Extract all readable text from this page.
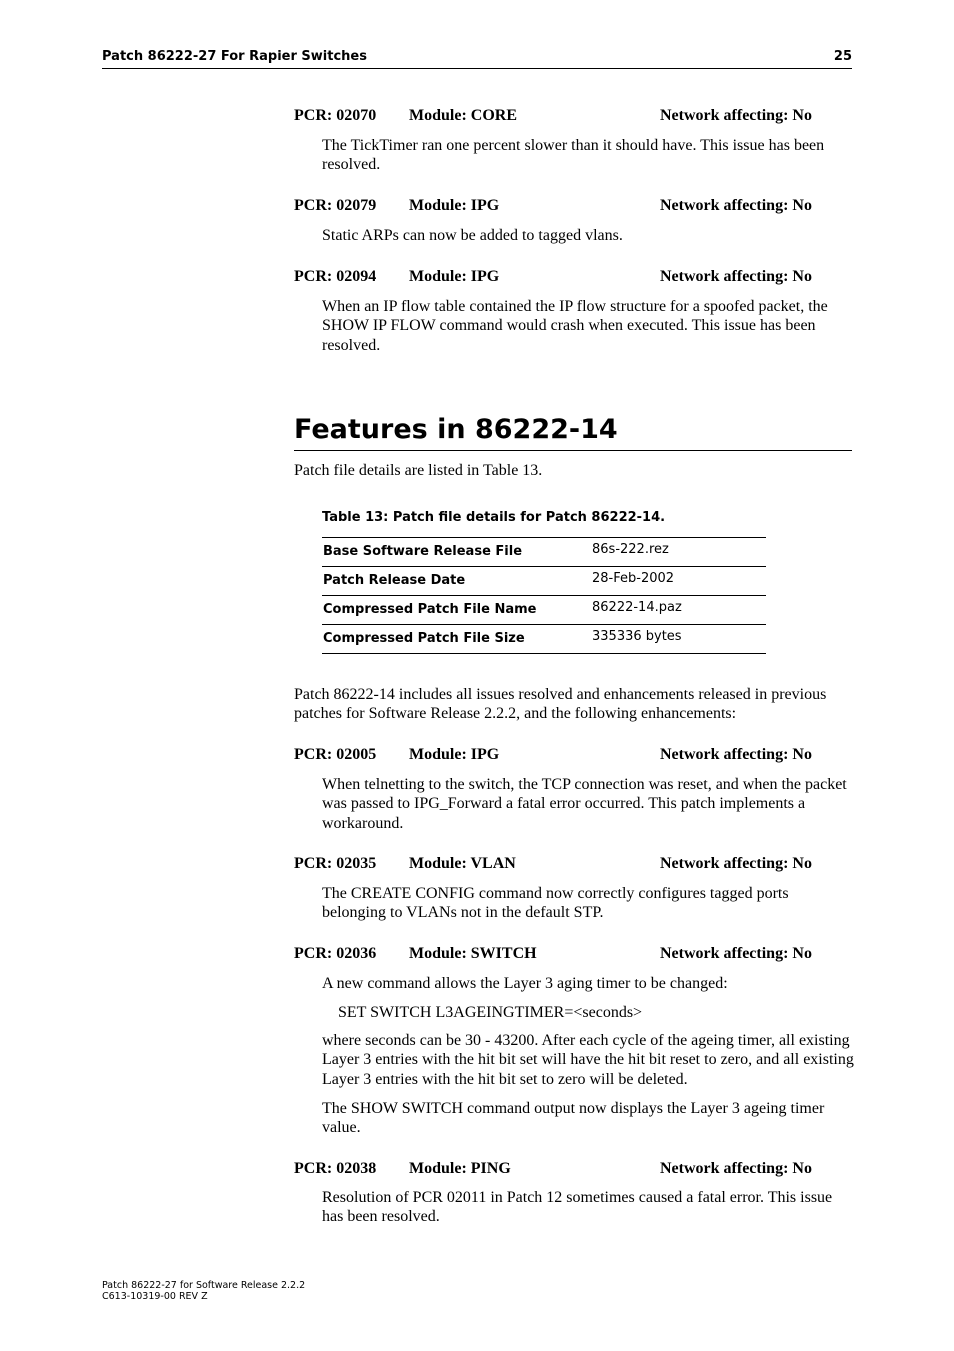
Patch 86222-27 For Rapier Switches	25
PCR: 02070 Module: CORE	Network affecting: No

The TickTimer ran one percent slower than it should have. This issue has been resolved.

PCR: 02079 Module: IPG	Network affecting: No

Static ARPs can now be added to tagged vlans.

PCR: 02094 Module: IPG	Network affecting: No

When an IP flow table contained the IP flow structure for a spoofed packet, the SHOW IP FLOW command would crash when executed. This issue has been resolved.

Features in 86222-14

Patch file details are listed in Table 13.

Table 13: Patch file details for Patch 86222-14.
Base Software Release File	86s-222.rez
Patch Release Date	28-Feb-2002
Compressed Patch File Name	86222-14.paz
Compressed Patch File Size	335336 bytes

Patch 86222-14 includes all issues resolved and enhancements released in previous patches for Software Release 2.2.2, and the following enhancements:

PCR: 02005 Module: IPG	Network affecting: No

When telnetting to the switch, the TCP connection was reset, and when the packet was passed to IPG_Forward a fatal error occurred. This patch implements a workaround.

PCR: 02035 Module: VLAN	Network affecting: No

The CREATE CONFIG command now correctly configures tagged ports belonging to VLANs not in the default STP.

PCR: 02036 Module: SWITCH	Network affecting: No

A new command allows the Layer 3 aging timer to be changed:

SET SWITCH L3AGEINGTIMER=<seconds>

where seconds can be 30 - 43200. After each cycle of the ageing timer, all existing Layer 3 entries with the hit bit set will have the hit bit reset to zero, and all existing Layer 3 entries with the hit bit set to zero will be deleted.

The SHOW SWITCH command output now displays the Layer 3 ageing timer value.

PCR: 02038 Module: PING	Network affecting: No

Resolution of PCR 02011 in Patch 12 sometimes caused a fatal error. This issue has been resolved.

Patch 86222-27 for Software Release 2.2.2
C613-10319-00 REV Z
